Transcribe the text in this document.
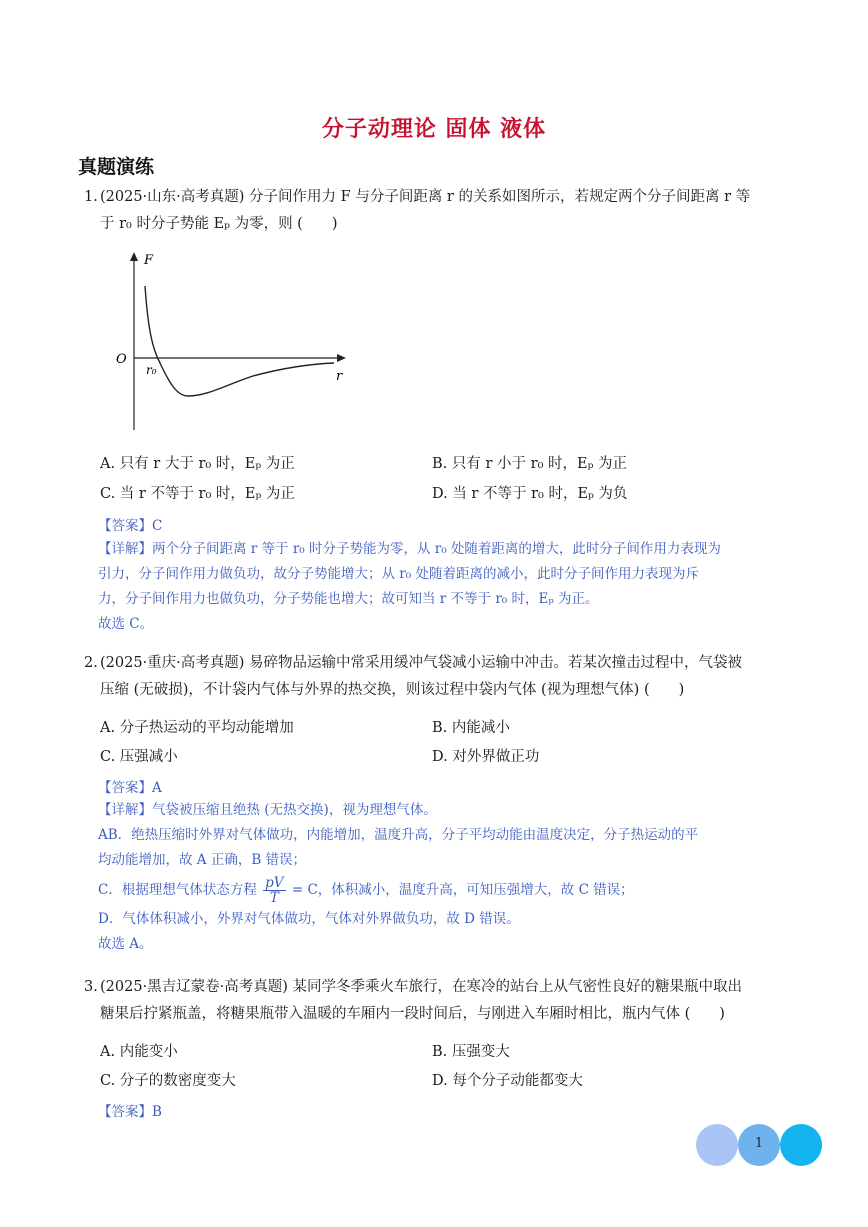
分子动理论 固体 液体
真题演练
1. (2025·山东·高考真题) 分子间作用力 F 与分子间距离 r 的关系如图所示，若规定两个分子间距离 r 等
于 r₀ 时分子势能 Eₚ 为零，则 (　　)
F
r
O
r₀
A. 只有 r 大于 r₀ 时，Eₚ 为正	B. 只有 r 小于 r₀ 时，Eₚ 为正
C. 当 r 不等于 r₀ 时，Eₚ 为正	D. 当 r 不等于 r₀ 时，Eₚ 为负
【答案】C
【详解】两个分子间距离 r 等于 r₀ 时分子势能为零，从 r₀ 处随着距离的增大，此时分子间作用力表现为
引力，分子间作用力做负功，故分子势能增大；从 r₀ 处随着距离的减小，此时分子间作用力表现为斥
力，分子间作用力也做负功，分子势能也增大；故可知当 r 不等于 r₀ 时，Eₚ 为正。
故选 C。
2. (2025·重庆·高考真题) 易碎物品运输中常采用缓冲气袋减小运输中冲击。若某次撞击过程中，气袋被
压缩 (无破损)，不计袋内气体与外界的热交换，则该过程中袋内气体 (视为理想气体) (　　)
A. 分子热运动的平均动能增加	B. 内能减小
C. 压强减小	D. 对外界做正功
【答案】A
【详解】气袋被压缩且绝热 (无热交换)，视为理想气体。
AB．绝热压缩时外界对气体做功，内能增加，温度升高，分子平均动能由温度决定，分子热运动的平
均动能增加，故 A 正确，B 错误；
C．根据理想气体状态方程 $\frac{pV}{T} = C$，体积减小，温度升高，可知压强增大，故 C 错误；
D．气体体积减小，外界对气体做功，气体对外界做负功，故 D 错误。
故选 A。
3. (2025·黑吉辽蒙卷·高考真题) 某同学冬季乘火车旅行，在寒冷的站台上从气密性良好的糖果瓶中取出
糖果后拧紧瓶盖，将糖果瓶带入温暖的车厢内一段时间后，与刚进入车厢时相比，瓶内气体 (　　)
A. 内能变小	B. 压强变大
C. 分子的数密度变大	D. 每个分子动能都变大
【答案】B
1
